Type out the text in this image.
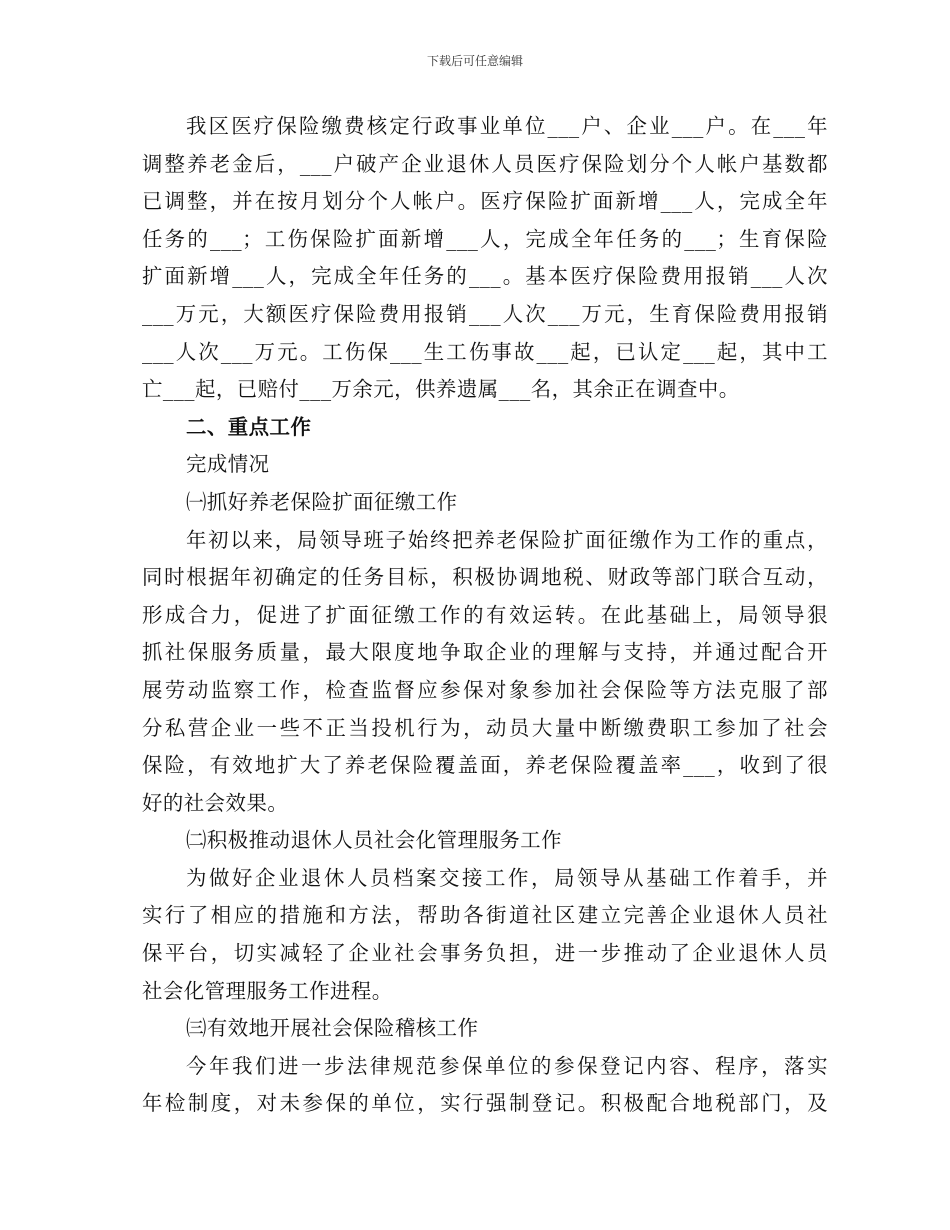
下载后可任意编辑
我区医疗保险缴费核定行政事业单位___户、企业___户。在___年
调整养老金后，___户破产企业退休人员医疗保险划分个人帐户基数都
已调整，并在按月划分个人帐户。医疗保险扩面新增___人，完成全年
任务的___；工伤保险扩面新增___人，完成全年任务的___；生育保险
扩面新增___人，完成全年任务的___。基本医疗保险费用报销___人次
___万元，大额医疗保险费用报销___人次___万元，生育保险费用报销
___人次___万元。工伤保___生工伤事故___起，已认定___起，其中工
亡___起，已赔付___万余元，供养遗属___名，其余正在调查中。
二、重点工作
完成情况
㈠抓好养老保险扩面征缴工作
年初以来，局领导班子始终把养老保险扩面征缴作为工作的重点，
同时根据年初确定的任务目标，积极协调地税、财政等部门联合互动，
形成合力，促进了扩面征缴工作的有效运转。在此基础上，局领导狠
抓社保服务质量，最大限度地争取企业的理解与支持，并通过配合开
展劳动监察工作，检查监督应参保对象参加社会保险等方法克服了部
分私营企业一些不正当投机行为，动员大量中断缴费职工参加了社会
保险，有效地扩大了养老保险覆盖面，养老保险覆盖率___，收到了很
好的社会效果。
㈡积极推动退休人员社会化管理服务工作
为做好企业退休人员档案交接工作，局领导从基础工作着手，并
实行了相应的措施和方法，帮助各街道社区建立完善企业退休人员社
保平台，切实减轻了企业社会事务负担，进一步推动了企业退休人员
社会化管理服务工作进程。
㈢有效地开展社会保险稽核工作
今年我们进一步法律规范参保单位的参保登记内容、程序，落实
年检制度，对未参保的单位，实行强制登记。积极配合地税部门，及
